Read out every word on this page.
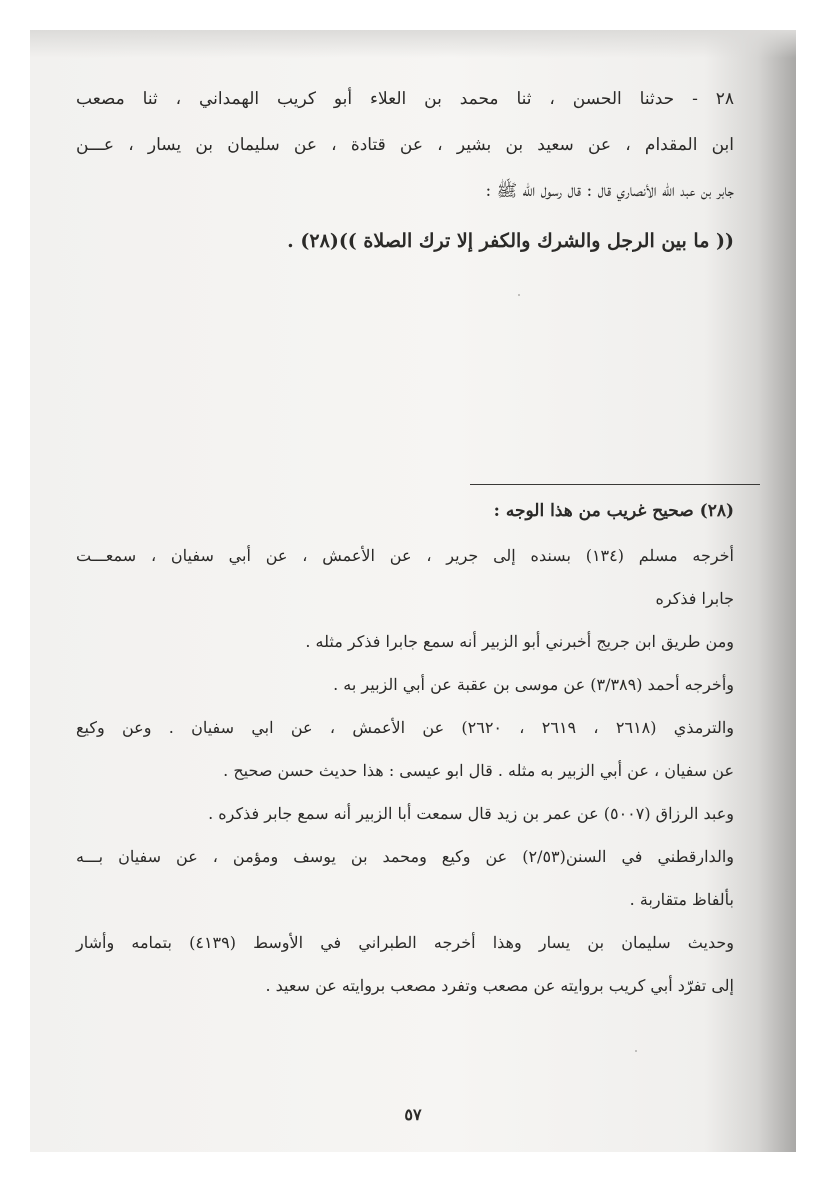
٢٨ - حدثنا الحسن ، ثنا محمد بن العلاء أبو كريب الهمداني ، ثنا مصعب
ابن المقدام ، عن سعيد بن بشير ، عن قتادة ، عن سليمان بن يسار ، عـــن
جابر بن عبد الله الأنصاري قال : قال رسول الله ﷺ :
(( ما بين الرجل والشرك والكفر إلا ترك الصلاة ))(٢٨) .
(٢٨) صحيح غريب من هذا الوجه :
أخرجه مسلم (١٣٤) بسنده إلى جرير ، عن الأعمش ، عن أبي سفيان ، سمعـــت
جابرا فذكره
ومن طريق ابن جريج أخبرني أبو الزبير أنه سمع جابرا فذكر مثله .
وأخرجه أحمد (٣/٣٨٩) عن موسى بن عقبة عن أبي الزبير به .
والترمذي (٢٦١٨ ، ٢٦١٩ ، ٢٦٢٠) عن الأعمش ، عن ابي سفيان . وعن وكيع
عن سفيان ، عن أبي الزبير به مثله . قال ابو عيسى : هذا حديث حسن صحيح .
وعبد الرزاق (٥٠٠٧) عن عمر بن زيد قال سمعت أبا الزبير أنه سمع جابر فذكره .
والدارقطني في السنن(٢/٥٣) عن وكيع ومحمد بن يوسف ومؤمن ، عن سفيان بـــه
بألفاظ متقاربة .
وحديث سليمان بن يسار وهذا أخرجه الطبراني في الأوسط (٤١٣٩) بتمامه وأشار
إلى تفرّد أبي كريب بروايته عن مصعب وتفرد مصعب بروايته عن سعيد .
٥٧
